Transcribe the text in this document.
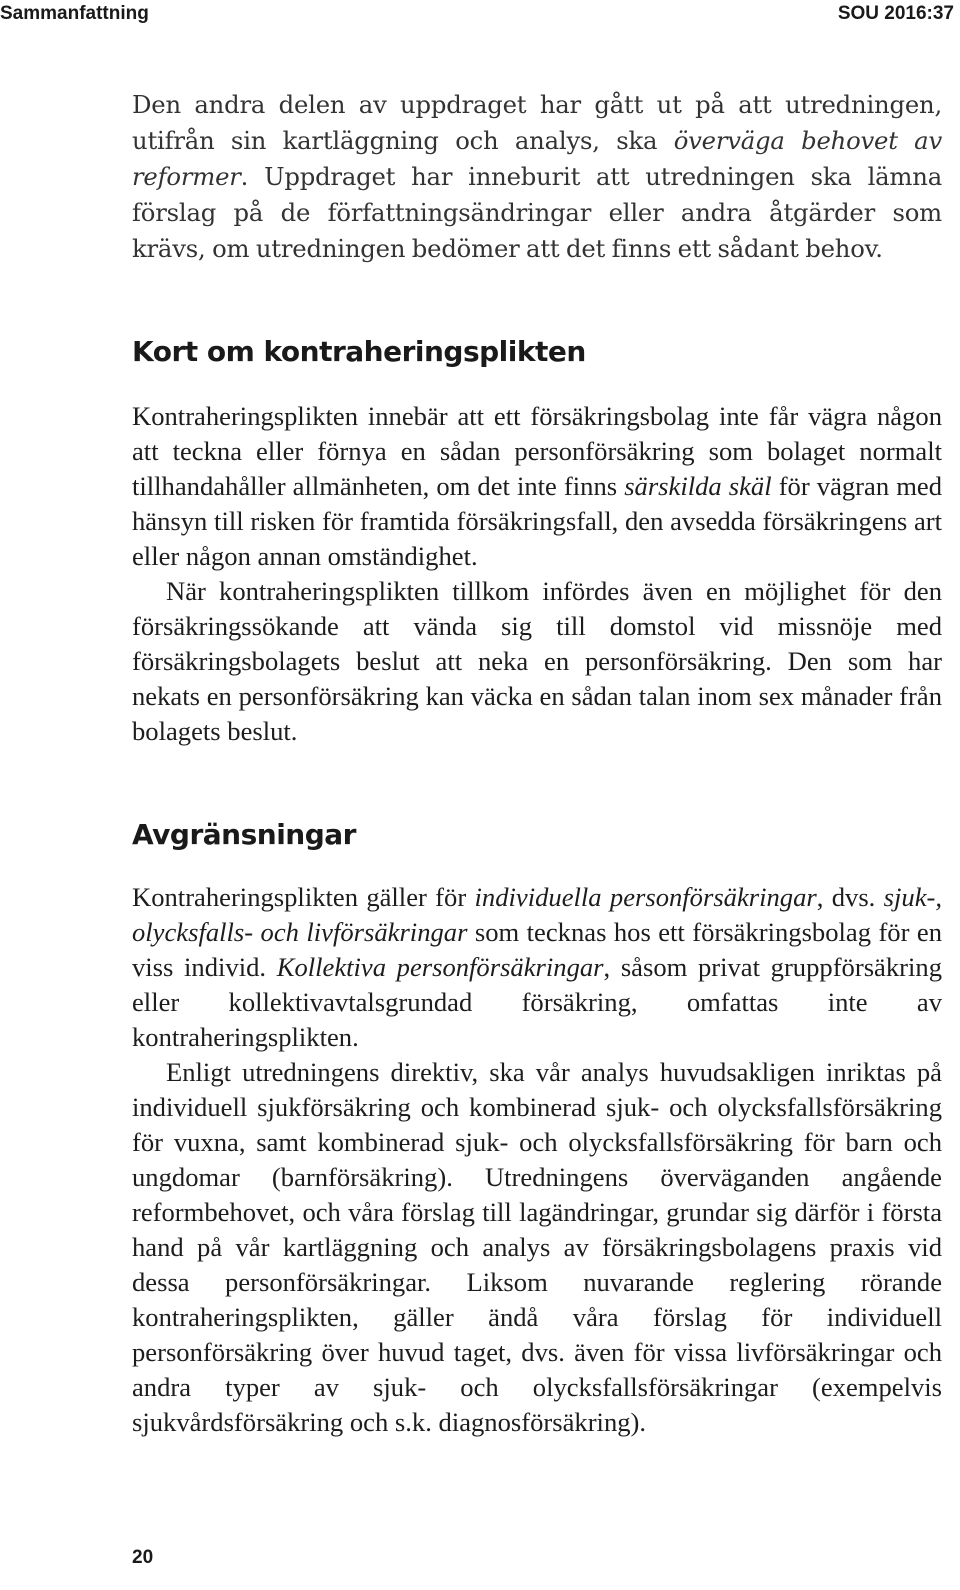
Sammanfattning	SOU 2016:37

Den andra delen av uppdraget har gått ut på att utredningen, utifrån sin kartläggning och analys, ska överväga behovet av reformer. Uppdraget har inneburit att utredningen ska lämna förslag på de författningsändringar eller andra åtgärder som krävs, om utredningen bedömer att det finns ett sådant behov.

Kort om kontraheringsplikten

Kontraheringsplikten innebär att ett försäkringsbolag inte får vägra någon att teckna eller förnya en sådan personförsäkring som bolaget normalt tillhandahåller allmänheten, om det inte finns särskilda skäl för vägran med hänsyn till risken för framtida försäkringsfall, den avsedda försäkringens art eller någon annan omständighet.

När kontraheringsplikten tillkom infördes även en möjlighet för den försäkringssökande att vända sig till domstol vid missnöje med försäkringsbolagets beslut att neka en personförsäkring. Den som har nekats en personförsäkring kan väcka en sådan talan inom sex månader från bolagets beslut.

Avgränsningar

Kontraheringsplikten gäller för individuella personförsäkringar, dvs. sjuk-, olycksfalls- och livförsäkringar som tecknas hos ett försäkringsbolag för en viss individ. Kollektiva personförsäkringar, såsom privat gruppförsäkring eller kollektivavtalsgrundad försäkring, omfattas inte av kontraheringsplikten.

Enligt utredningens direktiv, ska vår analys huvudsakligen inriktas på individuell sjukförsäkring och kombinerad sjuk- och olycksfallsförsäkring för vuxna, samt kombinerad sjuk- och olycksfallsförsäkring för barn och ungdomar (barnförsäkring). Utredningens överväganden angående reformbehovet, och våra förslag till lagändringar, grundar sig därför i första hand på vår kartläggning och analys av försäkringsbolagens praxis vid dessa personförsäkringar. Liksom nuvarande reglering rörande kontraheringsplikten, gäller ändå våra förslag för individuell personförsäkring över huvud taget, dvs. även för vissa livförsäkringar och andra typer av sjuk- och olycksfallsförsäkringar (exempelvis sjukvårdsförsäkring och s.k. diagnosförsäkring).

20
